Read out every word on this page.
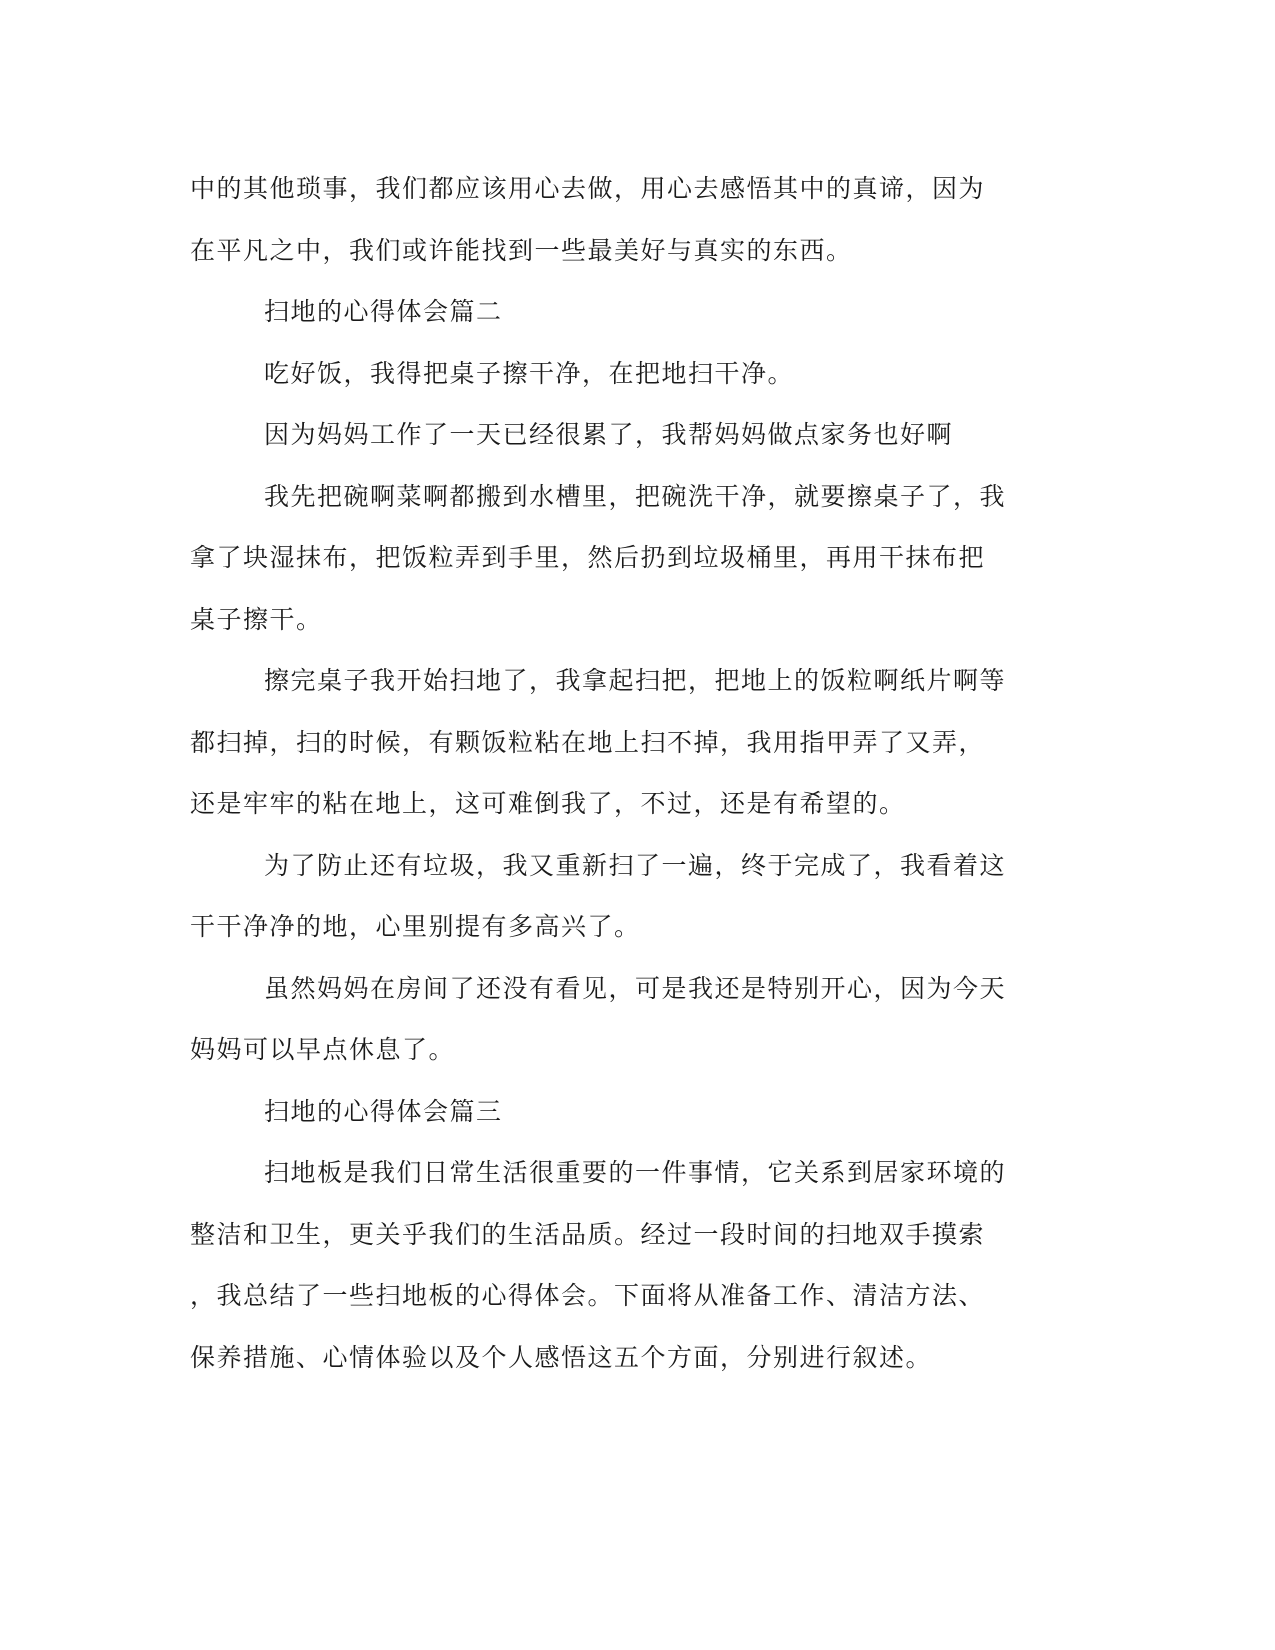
中的其他琐事，我们都应该用心去做，用心去感悟其中的真谛，因为

在平凡之中，我们或许能找到一些最美好与真实的东西。

扫地的心得体会篇二

吃好饭，我得把桌子擦干净，在把地扫干净。

因为妈妈工作了一天已经很累了，我帮妈妈做点家务也好啊

我先把碗啊菜啊都搬到水槽里，把碗洗干净，就要擦桌子了，我

拿了块湿抹布，把饭粒弄到手里，然后扔到垃圾桶里，再用干抹布把

桌子擦干。

擦完桌子我开始扫地了，我拿起扫把，把地上的饭粒啊纸片啊等

都扫掉，扫的时候，有颗饭粒粘在地上扫不掉，我用指甲弄了又弄，

还是牢牢的粘在地上，这可难倒我了，不过，还是有希望的。

为了防止还有垃圾，我又重新扫了一遍，终于完成了，我看着这

干干净净的地，心里别提有多高兴了。

虽然妈妈在房间了还没有看见，可是我还是特别开心，因为今天

妈妈可以早点休息了。

扫地的心得体会篇三

扫地板是我们日常生活很重要的一件事情，它关系到居家环境的

整洁和卫生，更关乎我们的生活品质。经过一段时间的扫地双手摸索

，我总结了一些扫地板的心得体会。下面将从准备工作、清洁方法、

保养措施、心情体验以及个人感悟这五个方面，分别进行叙述。
